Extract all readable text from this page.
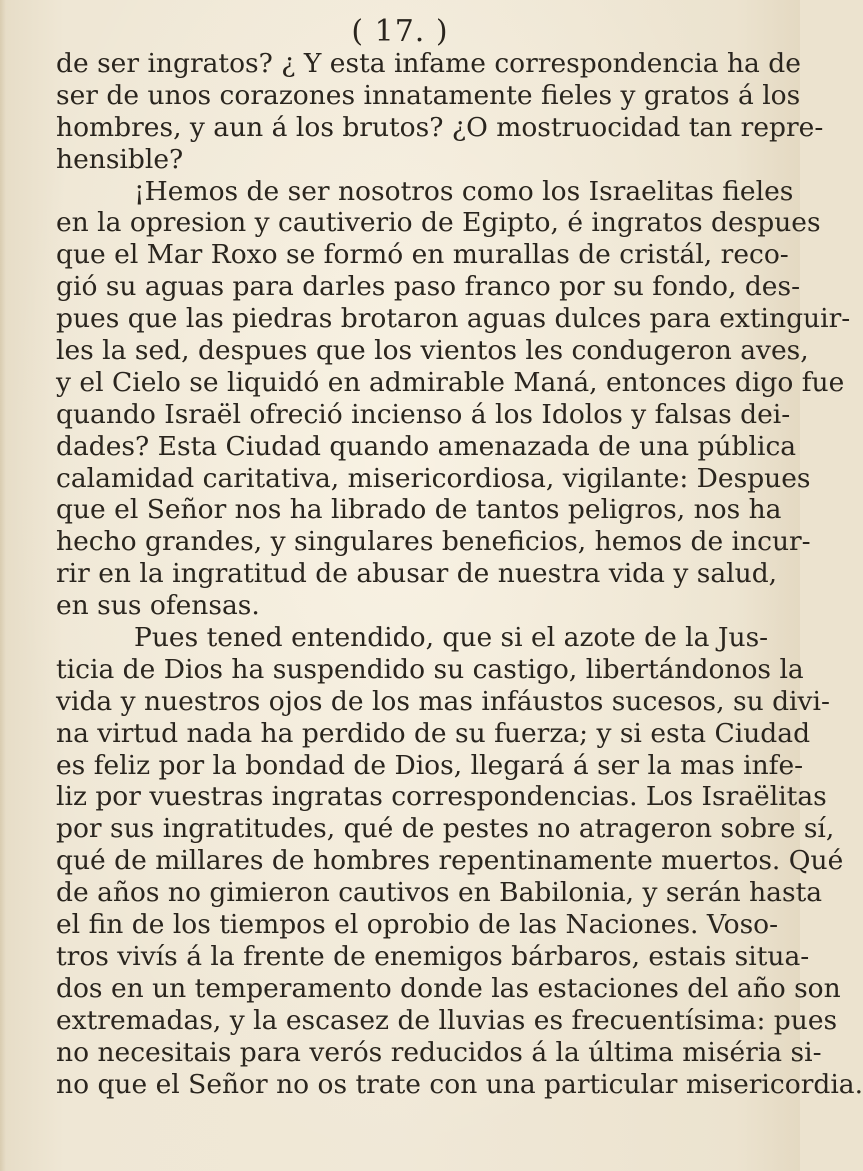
( 17. )
de ser ingratos? ¿ Y esta infame correspondencia ha de
ser de unos corazones innatamente fieles y gratos á los
hombres, y aun á los brutos? ¿O mostruocidad tan repre-
hensible?
¡Hemos de ser nosotros como los Israelitas fieles
en la opresion y cautiverio de Egipto, é ingratos despues
que el Mar Roxo se formó en murallas de cristál, reco-
gió su aguas para darles paso franco por su fondo, des-
pues que las piedras brotaron aguas dulces para extinguir-
les la sed, despues que los vientos les condugeron aves,
y el Cielo se liquidó en admirable Maná, entonces digo fue
quando Israël ofreció incienso á los Idolos y falsas dei-
dades? Esta Ciudad quando amenazada de una pública
calamidad caritativa, misericordiosa, vigilante: Despues
que el Señor nos ha librado de tantos peligros, nos ha
hecho grandes, y singulares beneficios, hemos de incur-
rir en la ingratitud de abusar de nuestra vida y salud,
en sus ofensas.
Pues tened entendido, que si el azote de la Jus-
ticia de Dios ha suspendido su castigo, libertándonos la
vida y nuestros ojos de los mas infáustos sucesos, su divi-
na virtud nada ha perdido de su fuerza; y si esta Ciudad
es feliz por la bondad de Dios, llegará á ser la mas infe-
liz por vuestras ingratas correspondencias. Los Israëlitas
por sus ingratitudes, qué de pestes no atrageron sobre sí,
qué de millares de hombres repentinamente muertos. Qué
de años no gimieron cautivos en Babilonia, y serán hasta
el fin de los tiempos el oprobio de las Naciones. Voso-
tros vivís á la frente de enemigos bárbaros, estais situa-
dos en un temperamento donde las estaciones del año son
extremadas, y la escasez de lluvias es frecuentísima: pues
no necesitais para verós reducidos á la última miséria si-
no que el Señor no os trate con una particular misericordia.
